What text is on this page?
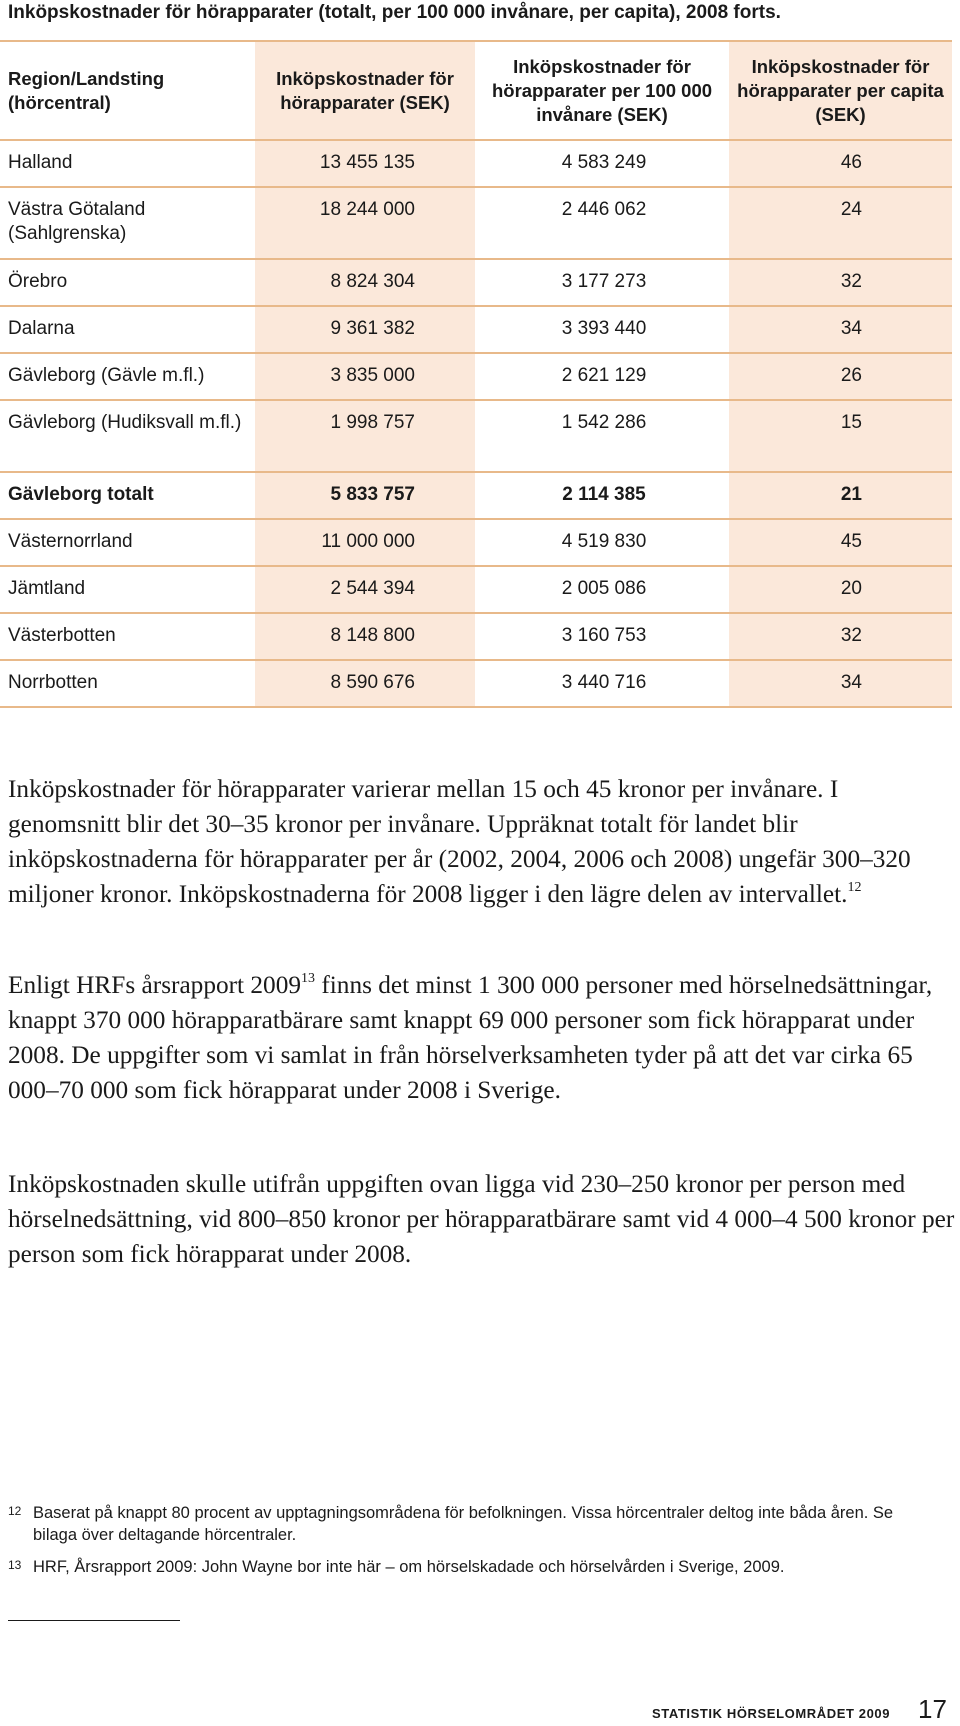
Inköpskostnader för hörapparater (totalt, per 100 000 invånare, per capita), 2008 forts.
Region/Landsting (hörcentral)	Inköpskostnader för hörapparater (SEK)	Inköpskostnader för hörapparater per 100 000 invånare (SEK)	Inköpskostnader för hörapparater per capita (SEK)
Halland	13 455 135	4 583 249	46
Västra Götaland (Sahlgrenska)	18 244 000	2 446 062	24
Örebro	8 824 304	3 177 273	32
Dalarna	9 361 382	3 393 440	34
Gävleborg (Gävle m.fl.)	3 835 000	2 621 129	26
Gävleborg (Hudiksvall m.fl.)	1 998 757	1 542 286	15
Gävleborg totalt	5 833 757	2 114 385	21
Västernorrland	11 000 000	4 519 830	45
Jämtland	2 544 394	2 005 086	20
Västerbotten	8 148 800	3 160 753	32
Norrbotten	8 590 676	3 440 716	34
Inköpskostnader för hörapparater varierar mellan 15 och 45 kronor per invånare. I genomsnitt blir det 30–35 kronor per invånare. Uppräknat totalt för landet blir inköpskostnaderna för hörapparater per år (2002, 2004, 2006 och 2008) ungefär 300–320 miljoner kronor. Inköpskostnaderna för 2008 ligger i den lägre delen av intervallet.$^{12}$
Enligt HRFs årsrapport 2009$^{13}$ finns det minst 1 300 000 personer med hörselnedsättningar, knappt 370 000 hörapparatbärare samt knappt 69 000 personer som fick hörapparat under 2008. De uppgifter som vi samlat in från hörselverksamheten tyder på att det var cirka 65 000–70 000 som fick hörapparat under 2008 i Sverige.
Inköpskostnaden skulle utifrån uppgiften ovan ligga vid 230–250 kronor per person med hörselnedsättning, vid 800–850 kronor per hörapparatbärare samt vid 4 000–4 500 kronor per person som fick hörapparat under 2008.
12 Baserat på knappt 80 procent av upptagningsområdena för befolkningen. Vissa hörcentraler deltog inte båda åren. Se bilaga över deltagande hörcentraler.
13 HRF, Årsrapport 2009: John Wayne bor inte här – om hörselskadade och hörselvården i Sverige, 2009.
STATISTIK HÖRSELOMRÅDET 2009 17
